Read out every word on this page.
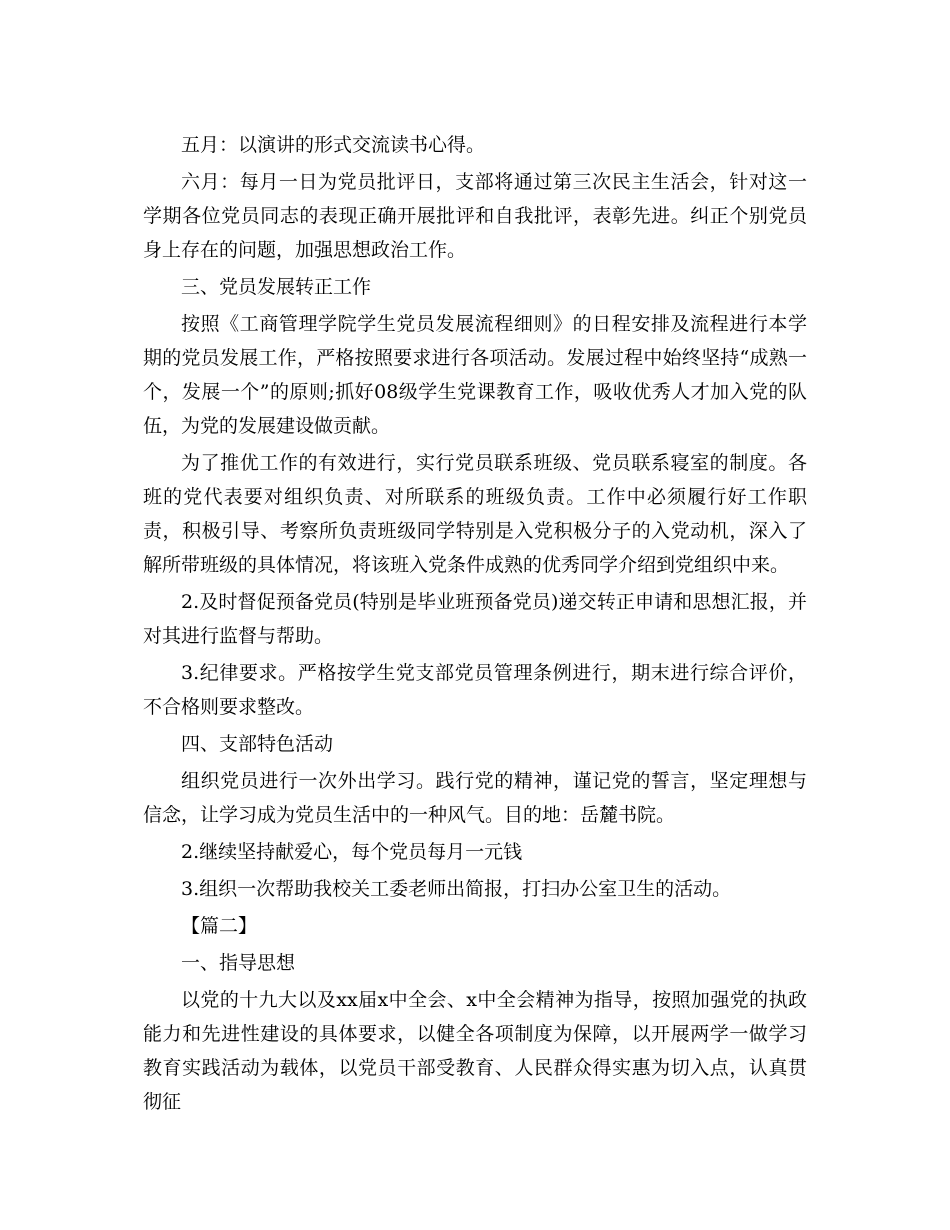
五月：以演讲的形式交流读书心得。

六月：每月一日为党员批评日，支部将通过第三次民主生活会，针对这一学期各位党员同志的表现正确开展批评和自我批评，表彰先进。纠正个别党员身上存在的问题，加强思想政治工作。

三、党员发展转正工作

按照《工商管理学院学生党员发展流程细则》的日程安排及流程进行本学期的党员发展工作，严格按照要求进行各项活动。发展过程中始终坚持“成熟一个，发展一个”的原则;抓好08级学生党课教育工作，吸收优秀人才加入党的队伍，为党的发展建设做贡献。

为了推优工作的有效进行，实行党员联系班级、党员联系寝室的制度。各班的党代表要对组织负责、对所联系的班级负责。工作中必须履行好工作职责，积极引导、考察所负责班级同学特别是入党积极分子的入党动机，深入了解所带班级的具体情况，将该班入党条件成熟的优秀同学介绍到党组织中来。

2.及时督促预备党员(特别是毕业班预备党员)递交转正申请和思想汇报，并对其进行监督与帮助。

3.纪律要求。严格按学生党支部党员管理条例进行，期末进行综合评价，不合格则要求整改。

四、支部特色活动

组织党员进行一次外出学习。践行党的精神，谨记党的誓言，坚定理想与信念，让学习成为党员生活中的一种风气。目的地：岳麓书院。

2.继续坚持献爱心，每个党员每月一元钱

3.组织一次帮助我校关工委老师出简报，打扫办公室卫生的活动。

【篇二】

一、指导思想

以党的十九大以及xx届x中全会、x中全会精神为指导，按照加强党的执政能力和先进性建设的具体要求，以健全各项制度为保障，以开展两学一做学习教育实践活动为载体，以党员干部受教育、人民群众得实惠为切入点，认真贯彻征
